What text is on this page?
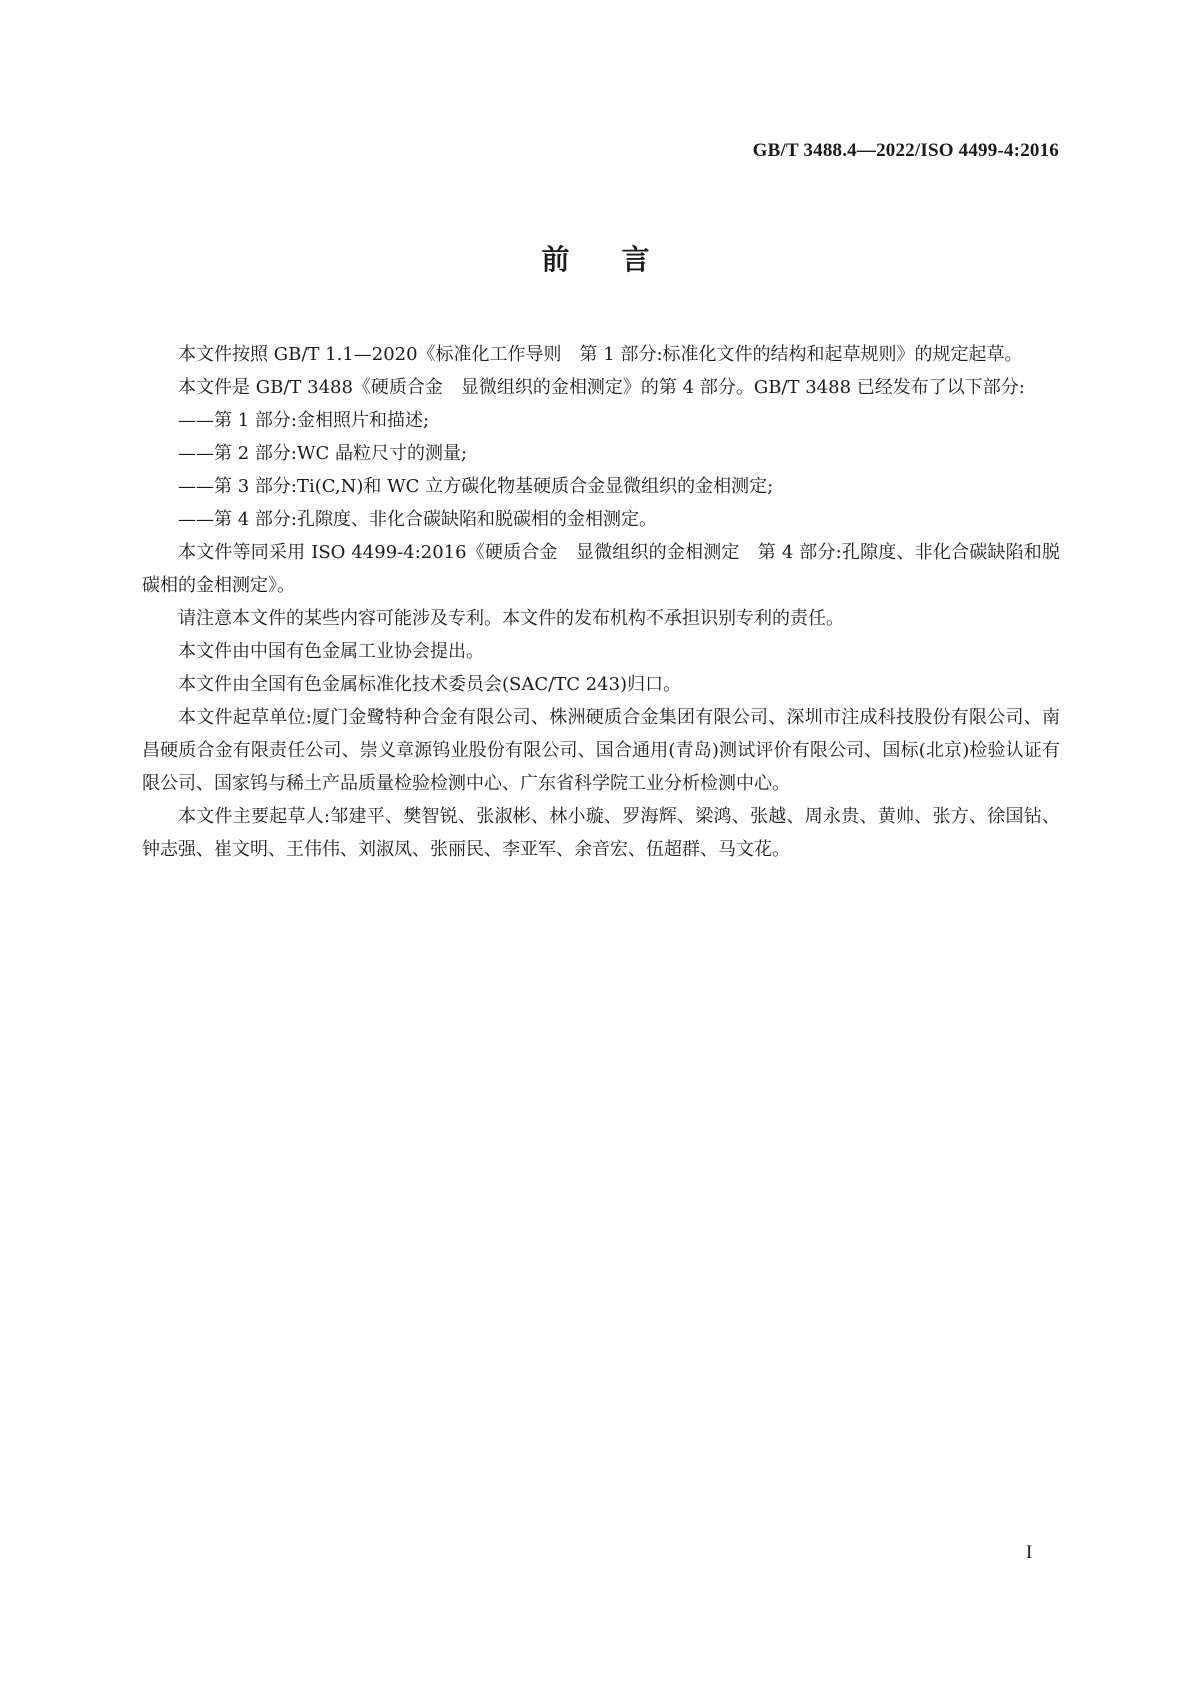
GB/T 3488.4—2022/ISO 4499-4:2016
前言

本文件按照 GB/T 1.1—2020《标准化工作导则　第 1 部分:标准化文件的结构和起草规则》的规定起草。

本文件是 GB/T 3488《硬质合金　显微组织的金相测定》的第 4 部分。GB/T 3488 已经发布了以下部分:

——第 1 部分:金相照片和描述;

——第 2 部分:WC 晶粒尺寸的测量;

——第 3 部分:Ti(C,N)和 WC 立方碳化物基硬质合金显微组织的金相测定;

——第 4 部分:孔隙度、非化合碳缺陷和脱碳相的金相测定。

本文件等同采用 ISO 4499-4:2016《硬质合金　显微组织的金相测定　第 4 部分:孔隙度、非化合碳缺陷和脱碳相的金相测定》。

请注意本文件的某些内容可能涉及专利。本文件的发布机构不承担识别专利的责任。

本文件由中国有色金属工业协会提出。

本文件由全国有色金属标准化技术委员会(SAC/TC 243)归口。

本文件起草单位:厦门金鹭特种合金有限公司、株洲硬质合金集团有限公司、深圳市注成科技股份有限公司、南昌硬质合金有限责任公司、崇义章源钨业股份有限公司、国合通用(青岛)测试评价有限公司、国标(北京)检验认证有限公司、国家钨与稀土产品质量检验检测中心、广东省科学院工业分析检测中心。

本文件主要起草人:邹建平、樊智锐、张淑彬、林小璇、罗海辉、梁鸿、张越、周永贵、黄帅、张方、徐国钻、钟志强、崔文明、王伟伟、刘淑凤、张丽民、李亚军、余音宏、伍超群、马文花。

I
